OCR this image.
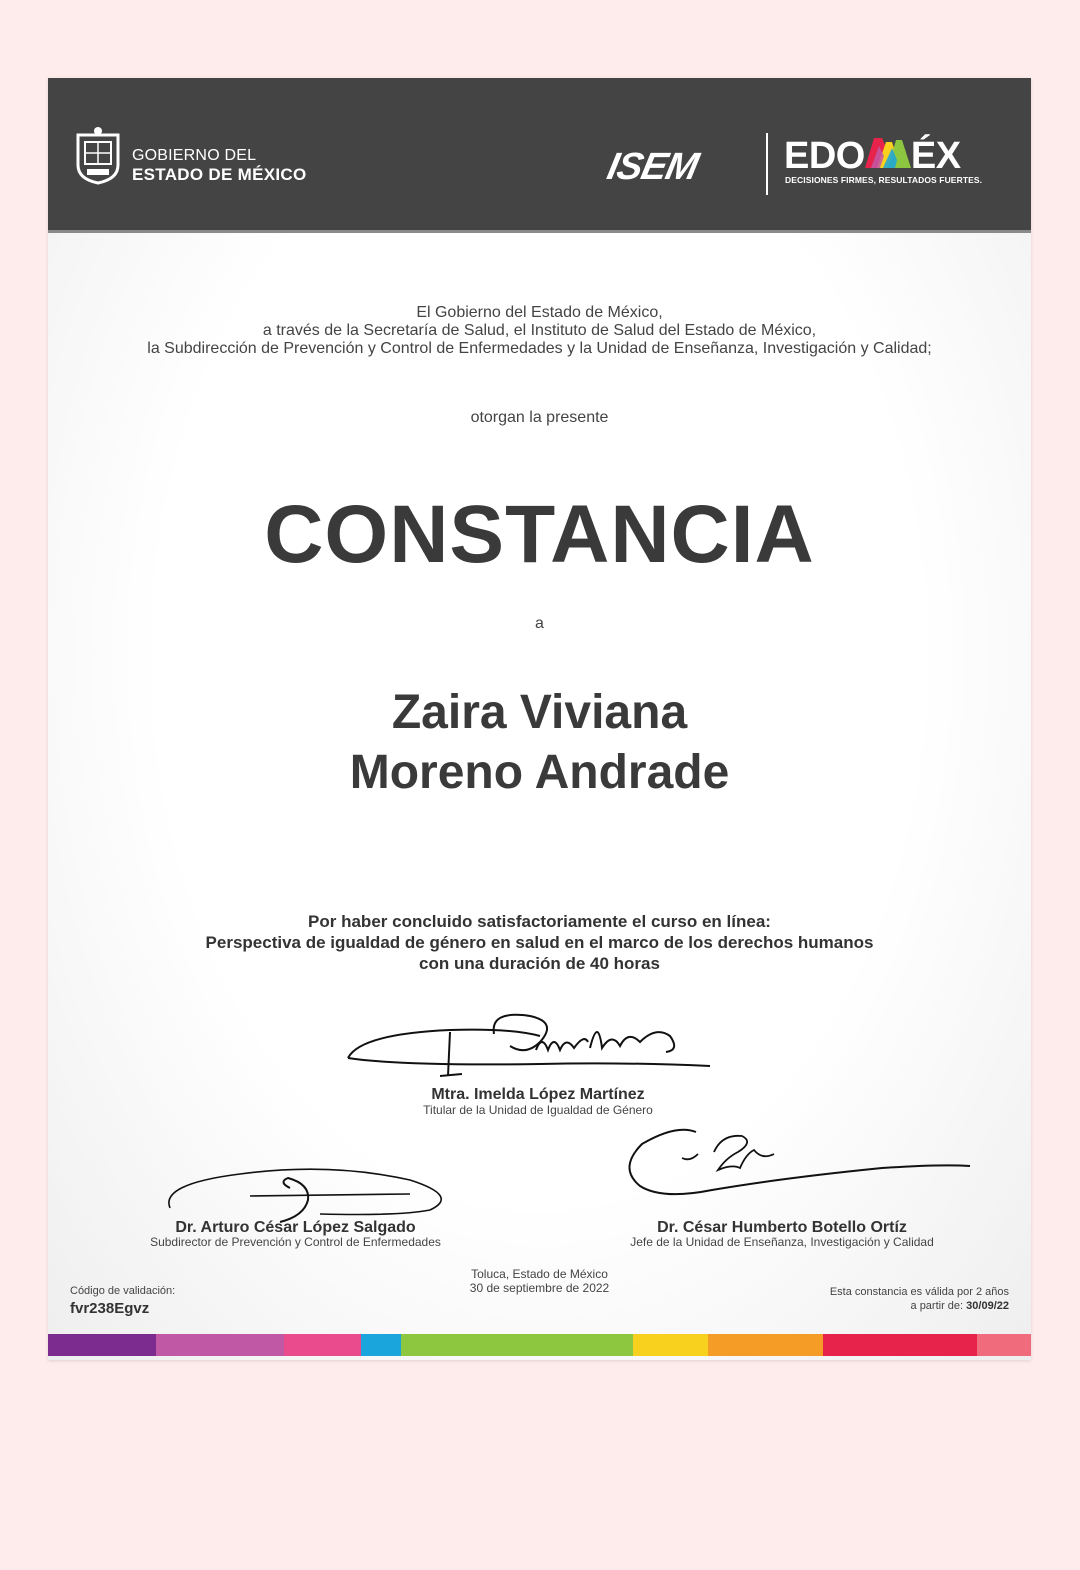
GOBIERNO DEL
ESTADO DE MÉXICO	ISEM	EDO ÉX
DECISIONES FIRMES, RESULTADOS FUERTES.
El Gobierno del Estado de México,
a través de la Secretaría de Salud, el Instituto de Salud del Estado de México,
la Subdirección de Prevención y Control de Enfermedades y la Unidad de Enseñanza, Investigación y Calidad;
otorgan la presente
CONSTANCIA
a
Zaira Viviana
Moreno Andrade
Por haber concluido satisfactoriamente el curso en línea:
Perspectiva de igualdad de género en salud en el marco de los derechos humanos
con una duración de 40 horas
Mtra. Imelda López Martínez
Titular de la Unidad de Igualdad de Género
Dr. Arturo César López Salgado
Subdirector de Prevención y Control de Enfermedades
Dr. César Humberto Botello Ortíz
Jefe de la Unidad de Enseñanza, Investigación y Calidad
Toluca, Estado de México
30 de septiembre de 2022
Código de validación:
fvr238Egvz
Esta constancia es válida por 2 años
a partir de: 30/09/22
